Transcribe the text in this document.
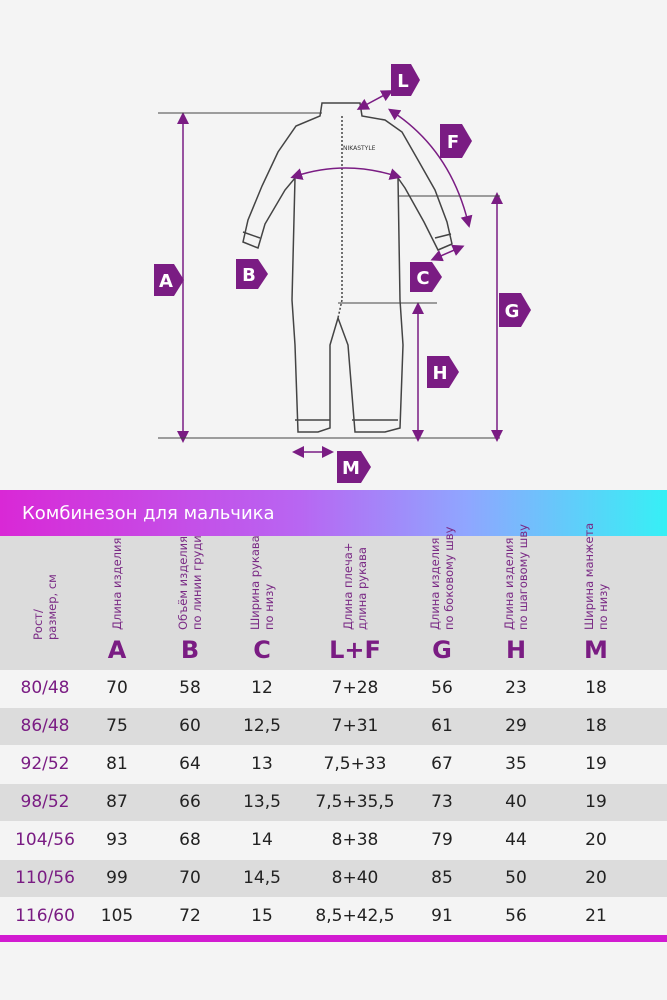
NIKASTYLE
A	B	C
F
G
H
L
M
Комбинезон для мальчика
Рост/
размер, см	Длина изделия
A
Объём изделия
по линии груди
B
Ширина рукава
по низу
C
Длина плеча+
длина рукава
L+F
Длина изделия
по боковому шву
G
Длина изделия
по шаговому шву
H
Ширина манжета
по низу
M
80/48	70	58	12	7+28	56	23	18
86/48	75	60	12,5	7+31	61	29	18
92/52	81	64	13	7,5+33	67	35	19
98/52	87	66	13,5	7,5+35,5	73	40	19
104/56	93	68	14	8+38	79	44	20
110/56	99	70	14,5	8+40	85	50	20
116/60	105	72	15	8,5+42,5	91	56	21
